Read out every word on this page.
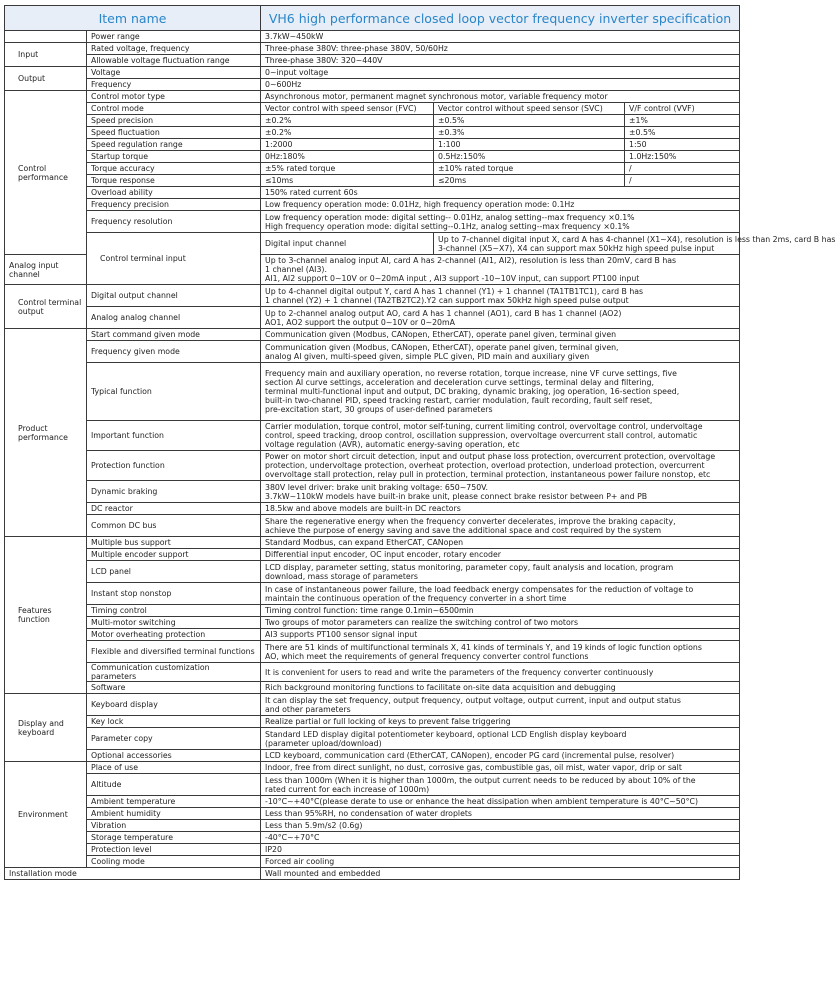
Item name		VH6 high performance closed loop vector frequency inverter specification		
	Power range	3.7kW~450kW		
Input	Rated voltage, frequency	Three-phase 380V: three-phase 380V, 50/60Hz		
	Allowable voltage fluctuation range	Three-phase 380V: 320~440V		
Output	Voltage	0~input voltage		
	Frequency	0~600Hz		
Control performance	Control motor type	Asynchronous motor, permanent magnet synchronous motor, variable frequency motor		
	Control mode	Vector control with speed sensor (FVC)	Vector control without speed sensor (SVC)	V/F control (VVF)
	Speed precision	±0.2%	±0.5%	±1%
	Speed fluctuation	±0.2%	±0.3%	±0.5%
	Speed regulation range	1:2000	1:100	1:50
	Startup torque	0Hz:180%	0.5Hz:150%	1.0Hz:150%
	Torque accuracy	±5% rated torque	±10% rated torque	/
	Torque response	≤10ms	≤20ms	/
	Overload ability	150% rated current 60s		
	Frequency precision	Low frequency operation mode: 0.01Hz, high frequency operation mode: 0.1Hz		
	Frequency resolution	Low frequency operation mode: digital setting-- 0.01Hz, analog setting--max frequency ×0.1%
High frequency operation mode: digital setting--0.1Hz, analog setting--max frequency ×0.1%		

	Control terminal input	Digital input channel	Up to 7-channel digital input X, card A has 4-channel (X1~X4), resolution is less than 2ms, card B has
3-channel (X5~X7), X4 can support max 50kHz high speed pulse input	

Analog input channel		Up to 3-channel analog input AI, card A has 2-channel (AI1, AI2), resolution is less than 20mV, card B has
1 channel (AI3).
AI1, AI2 support 0~10V or 0~20mA input , AI3 support -10~10V input, can support PT100 input		

Control terminal output	Digital output channel	Up to 4-channel digital output Y, card A has 1 channel (Y1) + 1 channel (TA1TB1TC1), card B has
1 channel (Y2) + 1 channel (TA2TB2TC2).Y2 can support max 50kHz high speed pulse output		

	Analog analog channel	Up to 2-channel analog output AO, card A has 1 channel (AO1), card B has 1 channel (AO2)
AO1, AO2 support the output 0~10V or 0~20mA		

Product performance	Start command given mode	Communication given (Modbus, CANopen, EtherCAT), operate panel given, terminal given		

	Frequency given mode	Communication given (Modbus, CANopen, EtherCAT), operate panel given, terminal given,
analog AI given, multi-speed given, simple PLC given, PID main and auxiliary given		

	Typical function	Frequency main and auxiliary operation, no reverse rotation, torque increase, nine VF curve settings, five
section AI curve settings, acceleration and deceleration curve settings, terminal delay and filtering,
terminal multi-functional input and output, DC braking, dynamic braking, jog operation, 16-section speed,
built-in two-channel PID, speed tracking restart, carrier modulation, fault recording, fault self reset,
pre-excitation start, 30 groups of user-defined parameters		

	Important function	Carrier modulation, torque control, motor self-tuning, current limiting control, overvoltage control, undervoltage
control, speed tracking, droop control, oscillation suppression, overvoltage overcurrent stall control, automatic
voltage regulation (AVR), automatic energy-saving operation, etc		

	Protection function	Power on motor short circuit detection, input and output phase loss protection, overcurrent protection, overvoltage
protection, undervoltage protection, overheat protection, overload protection, underload protection, overcurrent
overvoltage stall protection, relay pull in protection, terminal protection, instantaneous power failure nonstop, etc		

	Dynamic braking	380V level driver: brake unit braking voltage: 650~750V.
3.7kW~110kW models have built-in brake unit, please connect brake resistor between P+ and PB		

	DC reactor	18.5kw and above models are built-in DC reactors		

	Common DC bus	Share the regenerative energy when the frequency converter decelerates, improve the braking capacity,
achieve the purpose of energy saving and save the additional space and cost required by the system		

Features function	Multiple bus support	Standard Modbus, can expand EtherCAT, CANopen		

	Multiple encoder support	Differential input encoder, OC input encoder, rotary encoder		

	LCD panel	LCD display, parameter setting, status monitoring, parameter copy, fault analysis and location, program
download, mass storage of parameters		

	Instant stop nonstop	In case of instantaneous power failure, the load feedback energy compensates for the reduction of voltage to
maintain the continuous operation of the frequency converter in a short time		

	Timing control	Timing control function: time range 0.1min~6500min		

	Multi-motor switching	Two groups of motor parameters can realize the switching control of two motors		

	Motor overheating protection	AI3 supports PT100 sensor signal input		

	Flexible and diversified terminal functions	There are 51 kinds of multifunctional terminals X, 41 kinds of terminals Y, and 19 kinds of logic function options
AO, which meet the requirements of general frequency converter control functions		

	Communication customization parameters	It is convenient for users to read and write the parameters of the frequency converter continuously		

	Software	Rich background monitoring functions to facilitate on-site data acquisition and debugging		

Display and keyboard	Keyboard display	It can display the set frequency, output frequency, output voltage, output current, input and output status
and other parameters		

	Key lock	Realize partial or full locking of keys to prevent false triggering		

	Parameter copy	Standard LED display digital potentiometer keyboard, optional LCD English display keyboard
(parameter upload/download)		

	Optional accessories	LCD keyboard, communication card (EtherCAT, CANopen), encoder PG card (incremental pulse, resolver)		

Environment	Place of use	Indoor, free from direct sunlight, no dust, corrosive gas, combustible gas, oil mist, water vapor, drip or salt		

	Altitude	Less than 1000m (When it is higher than 1000m, the output current needs to be reduced by about 10% of the
rated current for each increase of 1000m)		

	Ambient temperature	-10°C~+40°C(please derate to use or enhance the heat dissipation when ambient temperature is 40°C~50°C)		

	Ambient humidity	Less than 95%RH, no condensation of water droplets		

	Vibration	Less than 5.9m/s2 (0.6g)		

	Storage temperature	-40°C~+70°C		

	Protection level	IP20		

	Cooling mode	Forced air cooling		

Installation mode		Wall mounted and embedded		
